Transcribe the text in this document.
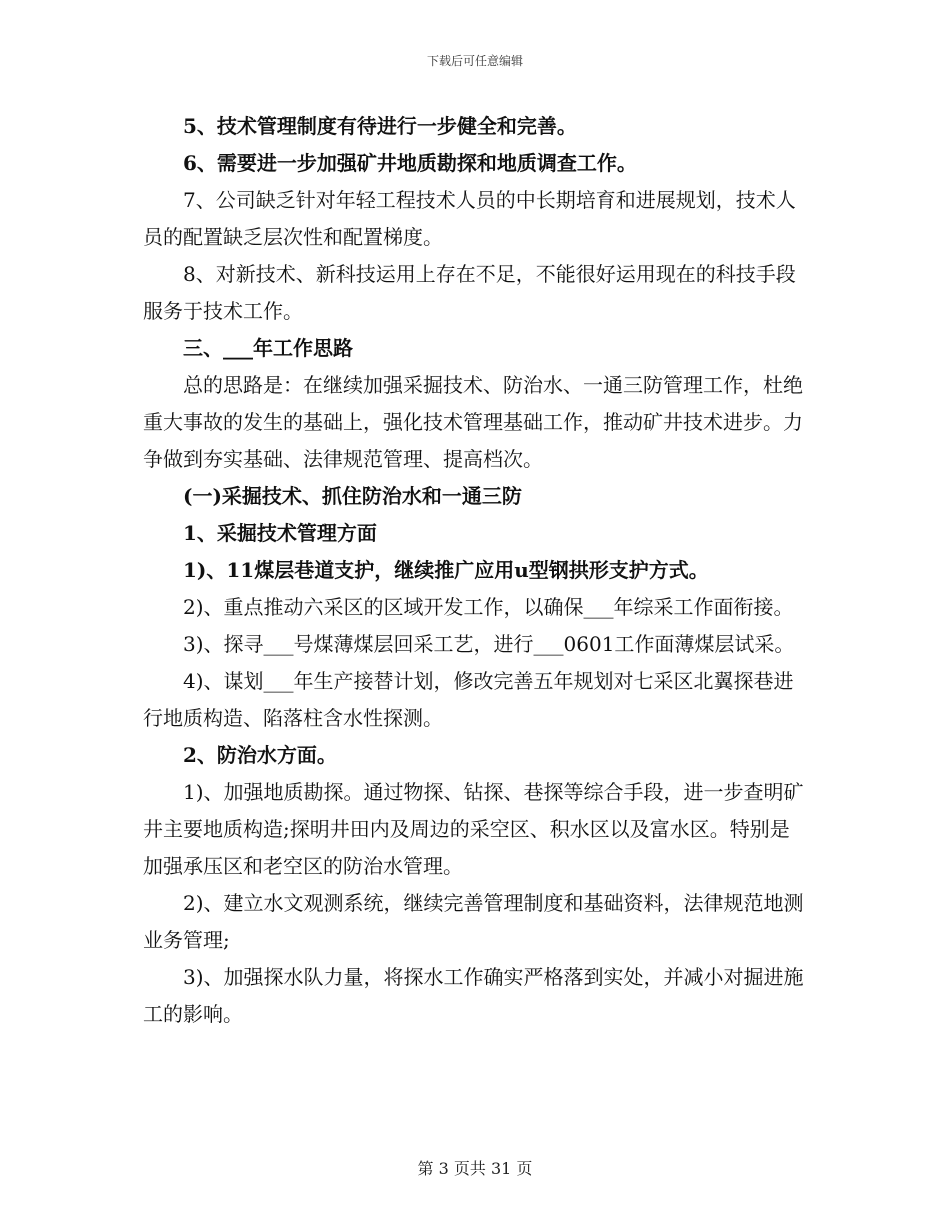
下载后可任意编辑

5、技术管理制度有待进行一步健全和完善。

6、需要进一步加强矿井地质勘探和地质调查工作。

7、公司缺乏针对年轻工程技术人员的中长期培育和进展规划，技术人员的配置缺乏层次性和配置梯度。

8、对新技术、新科技运用上存在不足，不能很好运用现在的科技手段服务于技术工作。

三、___年工作思路

总的思路是：在继续加强采掘技术、防治水、一通三防管理工作，杜绝重大事故的发生的基础上，强化技术管理基础工作，推动矿井技术进步。力争做到夯实基础、法律规范管理、提高档次。

(一)采掘技术、抓住防治水和一通三防

1、采掘技术管理方面

1)、11煤层巷道支护，继续推广应用u型钢拱形支护方式。

2)、重点推动六采区的区域开发工作，以确保___年综采工作面衔接。

3)、探寻___号煤薄煤层回采工艺，进行___0601工作面薄煤层试采。

4)、谋划___年生产接替计划，修改完善五年规划对七采区北翼探巷进行地质构造、陷落柱含水性探测。

2、防治水方面。

1)、加强地质勘探。通过物探、钻探、巷探等综合手段，进一步查明矿井主要地质构造;探明井田内及周边的采空区、积水区以及富水区。特别是加强承压区和老空区的防治水管理。

2)、建立水文观测系统，继续完善管理制度和基础资料，法律规范地测业务管理;

3)、加强探水队力量，将探水工作确实严格落到实处，并减小对掘进施工的影响。

第 3 页共 31 页
